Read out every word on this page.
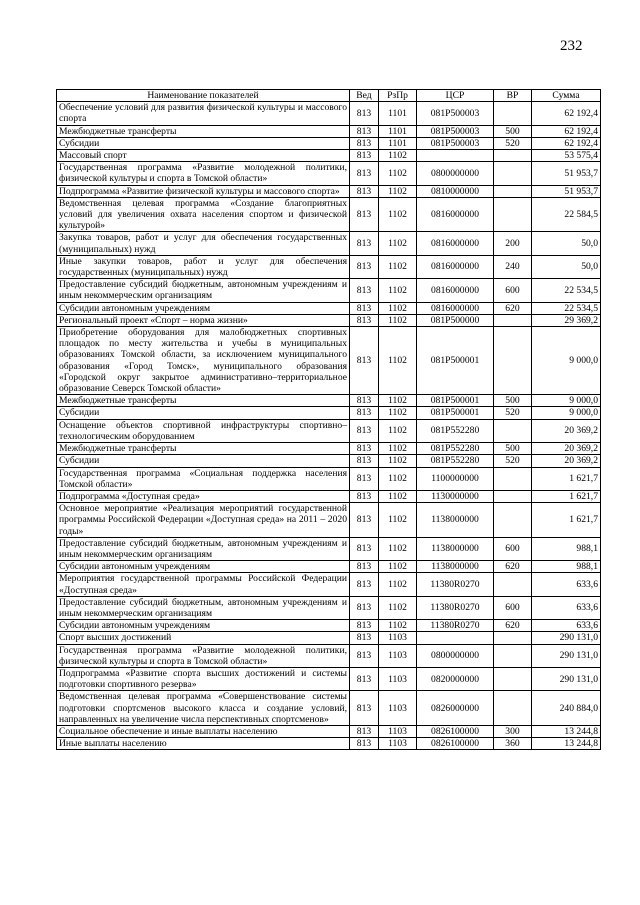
232
Наименование показателей	Вед	РзПр	ЦСР	ВР	Сумма
Обеспечение условий для развития физической культуры и массового спорта	813	1101	081Р500003		62 192,4
Межбюджетные трансферты	813	1101	081Р500003	500	62 192,4
Субсидии	813	1101	081Р500003	520	62 192,4
Массовый спорт	813	1102			53 575,4
Государственная программа «Развитие молодежной политики, физической культуры и спорта в Томской области»	813	1102	0800000000		51 953,7
Подпрограмма «Развитие физической культуры и массового спорта»	813	1102	0810000000		51 953,7
Ведомственная целевая программа «Создание благоприятных условий для увеличения охвата населения спортом и физической культурой»	813	1102	0816000000		22 584,5
Закупка товаров, работ и услуг для обеспечения государственных (муниципальных) нужд	813	1102	0816000000	200	50,0
Иные закупки товаров, работ и услуг для обеспечения государственных (муниципальных) нужд	813	1102	0816000000	240	50,0
Предоставление субсидий бюджетным, автономным учреждениям и иным некоммерческим организациям	813	1102	0816000000	600	22 534,5
Субсидии автономным учреждениям	813	1102	0816000000	620	22 534,5
Региональный проект «Спорт – норма жизни»	813	1102	081Р500000		29 369,2
Приобретение оборудования для малобюджетных спортивных площадок по месту жительства и учебы в муниципальных образованиях Томской области, за исключением муниципального образования «Город Томск», муниципального образования «Городской округ закрытое административно–территориальное образование Северск Томской области»	813	1102	081Р500001		9 000,0
Межбюджетные трансферты	813	1102	081Р500001	500	9 000,0
Субсидии	813	1102	081Р500001	520	9 000,0
Оснащение объектов спортивной инфраструктуры спортивно–технологическим оборудованием	813	1102	081Р552280		20 369,2
Межбюджетные трансферты	813	1102	081Р552280	500	20 369,2
Субсидии	813	1102	081Р552280	520	20 369,2
Государственная программа «Социальная поддержка населения Томской области»	813	1102	1100000000		1 621,7
Подпрограмма «Доступная среда»	813	1102	1130000000		1 621,7
Основное мероприятие «Реализация мероприятий государственной программы Российской Федерации «Доступная среда» на 2011 – 2020 годы»	813	1102	1138000000		1 621,7
Предоставление субсидий бюджетным, автономным учреждениям и иным некоммерческим организациям	813	1102	1138000000	600	988,1
Субсидии автономным учреждениям	813	1102	1138000000	620	988,1
Мероприятия государственной программы Российской Федерации «Доступная среда»	813	1102	11380R0270		633,6
Предоставление субсидий бюджетным, автономным учреждениям и иным некоммерческим организациям	813	1102	11380R0270	600	633,6
Субсидии автономным учреждениям	813	1102	11380R0270	620	633,6
Спорт высших достижений	813	1103			290 131,0
Государственная программа «Развитие молодежной политики, физической культуры и спорта в Томской области»	813	1103	0800000000		290 131,0
Подпрограмма «Развитие спорта высших достижений и системы подготовки спортивного резерва»	813	1103	0820000000		290 131,0
Ведомственная целевая программа «Совершенствование системы подготовки спортсменов высокого класса и создание условий, направленных на увеличение числа перспективных спортсменов»	813	1103	0826000000		240 884,0
Социальное обеспечение и иные выплаты населению	813	1103	0826100000	300	13 244,8
Иные выплаты населению	813	1103	0826100000	360	13 244,8
